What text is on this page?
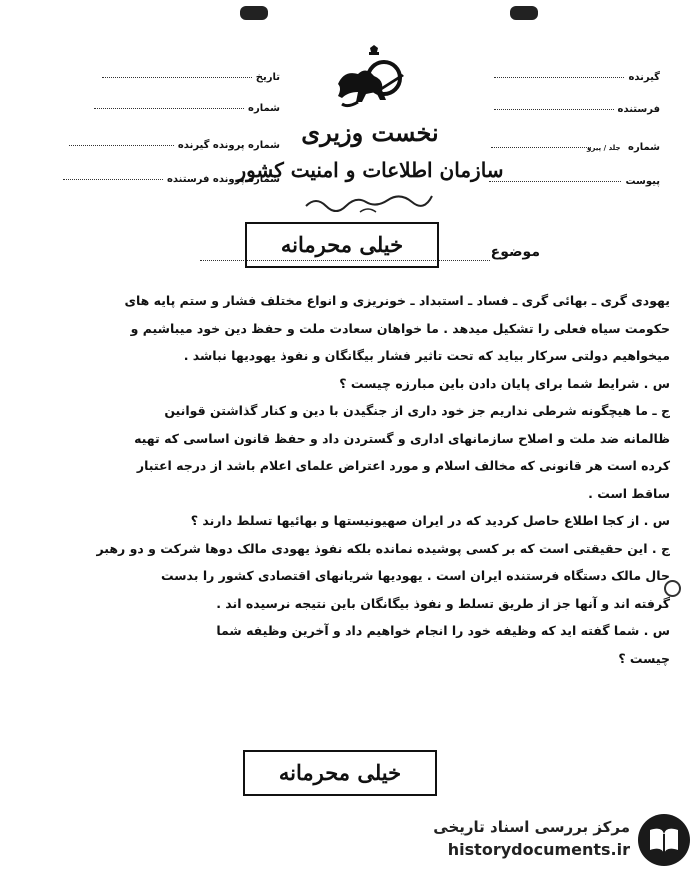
گیرنده
فرستنده
شماره جلد / پیرو
پیوست
تاریخ
شماره
شماره پرونده گیرنده
شماره پرونده فرستنده
نخست وزیری
سازمان اطلاعات و امنیت کشور
موضوع
خیلی محرمانه

یهودی گری ـ بهائی گری ـ فساد ـ استبداد ـ خونریزی و انواع مختلف فشار و ستم پایه های

حکومت سیاه فعلی را تشکیل میدهد . ما خواهان سعادت ملت و حفظ دین خود میباشیم و

میخواهیم دولتی سرکار بیاید که تحت تاثیر فشار بیگانگان و نفوذ یهودیها نباشد .

س . شرایط شما برای پایان دادن باین مبارزه چیست ؟

ج ـ ما هیچگونه شرطی نداریم جز خود داری از جنگیدن با دین و کنار گذاشتن قوانین

ظالمانه ضد ملت و اصلاح سازمانهای اداری و گستردن داد و حفظ قانون اساسی که تهیه

کرده است هر قانونی که مخالف اسلام و مورد اعتراض علمای اعلام باشد از درجه اعتبار

ساقط است .

س . از کجا اطلاع حاصل کردید که در ایران صهیونیستها و بهائیها تسلط دارند ؟

ج . این حقیقتی است که بر کسی پوشیده نمانده بلکه نفوذ یهودی مالک دوها شرکت و دو رهبر

حال مالک دستگاه فرستنده ایران است . یهودیها شریانهای اقتصادی کشور را بدست

گرفته اند و آنها جز از طریق تسلط و نفوذ بیگانگان باین نتیجه نرسیده اند .

س . شما گفته اید که وظیفه خود را انجام خواهیم داد و آخرین وظیفه شما

چیست ؟

خیلی محرمانه
مرکز بررسی اسناد تاریخی
historydocuments.ir
